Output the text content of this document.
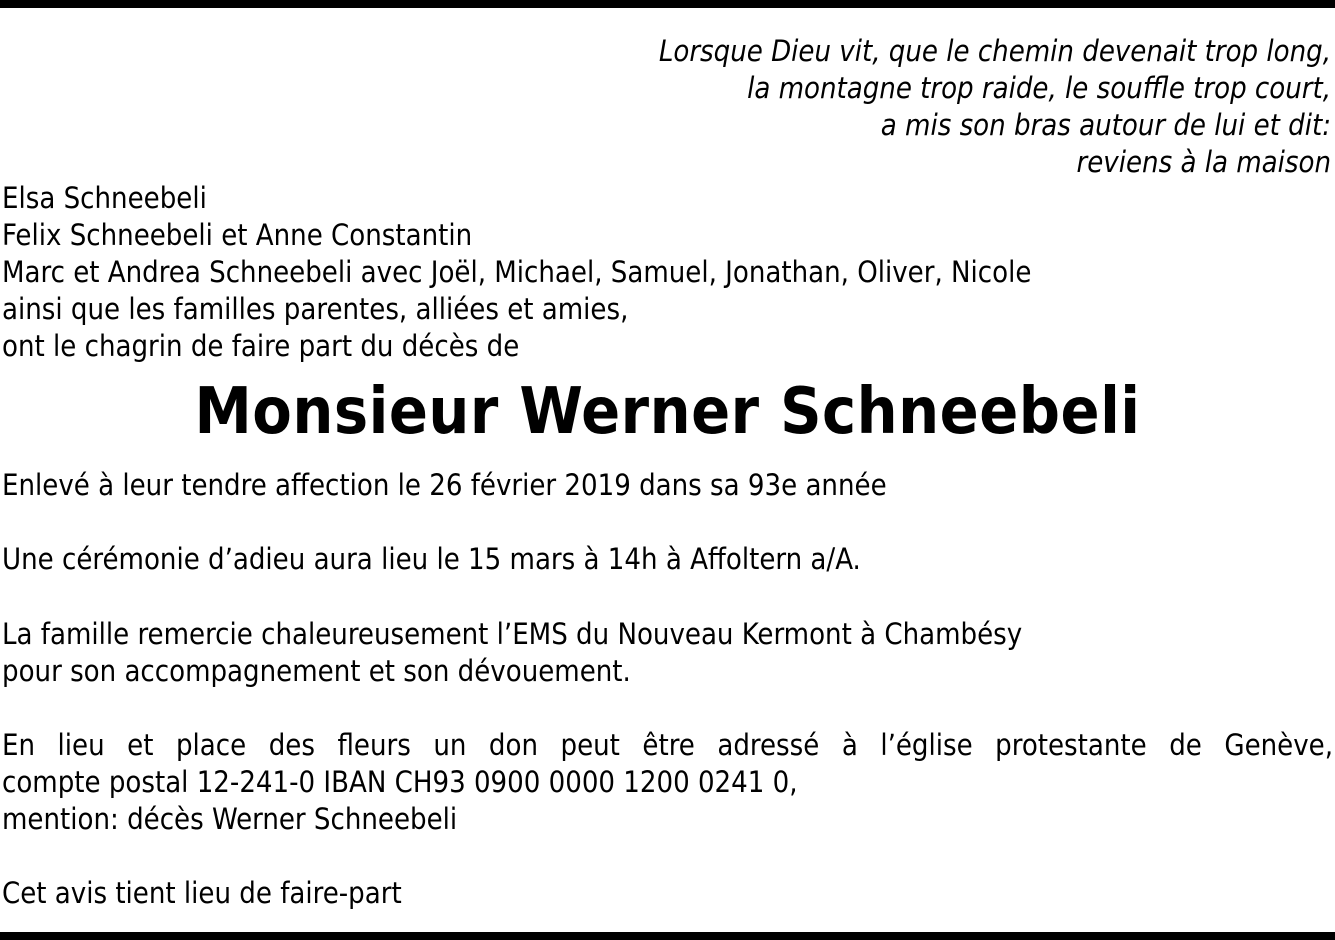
Lorsque Dieu vit, que le chemin devenait trop long,
la montagne trop raide, le souffle trop court,
a mis son bras autour de lui et dit:
reviens à la maison
Elsa Schneebeli
Felix Schneebeli et Anne Constantin
Marc et Andrea Schneebeli avec Joël, Michael, Samuel, Jonathan, Oliver, Nicole
ainsi que les familles parentes, alliées et amies,
ont le chagrin de faire part du décès de
Monsieur Werner Schneebeli
Enlevé à leur tendre affection le 26 février 2019 dans sa 93e année
Une cérémonie d’adieu aura lieu le 15 mars à 14h à Affoltern a/A.
La famille remercie chaleureusement l’EMS du Nouveau Kermont à Chambésy
pour son accompagnement et son dévouement.
En lieu et place des fleurs un don peut être adressé à l’église protestante de Genève,
compte postal 12-241-0 IBAN CH93 0900 0000 1200 0241 0,
mention: décès Werner Schneebeli
Cet avis tient lieu de faire-part
